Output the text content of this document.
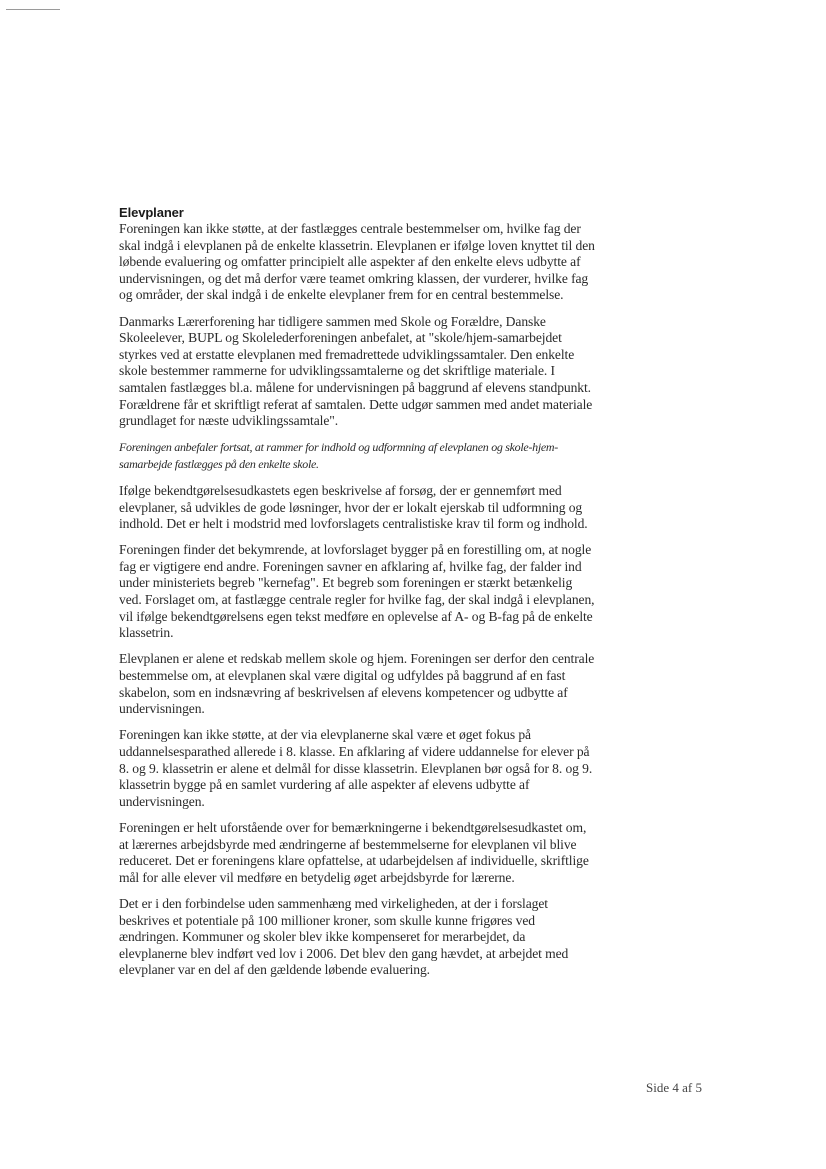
Elevplaner

Foreningen kan ikke støtte, at der fastlægges centrale bestemmelser om, hvilke fag der skal indgå i elevplanen på de enkelte klassetrin. Elevplanen er ifølge loven knyttet til den løbende evaluering og omfatter principielt alle aspekter af den enkelte elevs udbytte af undervisningen, og det må derfor være teamet omkring klassen, der vurderer, hvilke fag og områder, der skal indgå i de enkelte elevplaner frem for en central bestemmelse.

Danmarks Lærerforening har tidligere sammen med Skole og Forældre, Danske Skoleelever, BUPL og Skolelederforeningen anbefalet, at "skole/hjem-samarbejdet styrkes ved at erstatte elevplanen med fremadrettede udviklingssamtaler. Den enkelte skole bestemmer rammerne for udviklingssamtalerne og det skriftlige materiale. I samtalen fastlægges bl.a. målene for undervisningen på baggrund af elevens standpunkt. Forældrene får et skriftligt referat af samtalen. Dette udgør sammen med andet materiale grundlaget for næste udviklingssamtale".

Foreningen anbefaler fortsat, at rammer for indhold og udformning af elevplanen og skole-hjem-samarbejde fastlægges på den enkelte skole.

Ifølge bekendtgørelsesudkastets egen beskrivelse af forsøg, der er gennemført med elevplaner, så udvikles de gode løsninger, hvor der er lokalt ejerskab til udformning og indhold. Det er helt i modstrid med lovforslagets centralistiske krav til form og indhold.

Foreningen finder det bekymrende, at lovforslaget bygger på en forestilling om, at nogle fag er vigtigere end andre. Foreningen savner en afklaring af, hvilke fag, der falder ind under ministeriets begreb "kernefag". Et begreb som foreningen er stærkt betænkelig ved. Forslaget om, at fastlægge centrale regler for hvilke fag, der skal indgå i elevplanen, vil ifølge bekendtgørelsens egen tekst medføre en oplevelse af A- og B-fag på de enkelte klassetrin.

Elevplanen er alene et redskab mellem skole og hjem. Foreningen ser derfor den centrale bestemmelse om, at elevplanen skal være digital og udfyldes på baggrund af en fast skabelon, som en indsnævring af beskrivelsen af elevens kompetencer og udbytte af undervisningen.

Foreningen kan ikke støtte, at der via elevplanerne skal være et øget fokus på uddannelsesparathed allerede i 8. klasse. En afklaring af videre uddannelse for elever på 8. og 9. klassetrin er alene et delmål for disse klassetrin. Elevplanen bør også for 8. og 9. klassetrin bygge på en samlet vurdering af alle aspekter af elevens udbytte af undervisningen.

Foreningen er helt uforstående over for bemærkningerne i bekendtgørelsesudkastet om, at lærernes arbejdsbyrde med ændringerne af bestemmelserne for elevplanen vil blive reduceret. Det er foreningens klare opfattelse, at udarbejdelsen af individuelle, skriftlige mål for alle elever vil medføre en betydelig øget arbejdsbyrde for lærerne.

Det er i den forbindelse uden sammenhæng med virkeligheden, at der i forslaget beskrives et potentiale på 100 millioner kroner, som skulle kunne frigøres ved ændringen. Kommuner og skoler blev ikke kompenseret for merarbejdet, da elevplanerne blev indført ved lov i 2006. Det blev den gang hævdet, at arbejdet med elevplaner var en del af den gældende løbende evaluering.

Side 4 af 5
